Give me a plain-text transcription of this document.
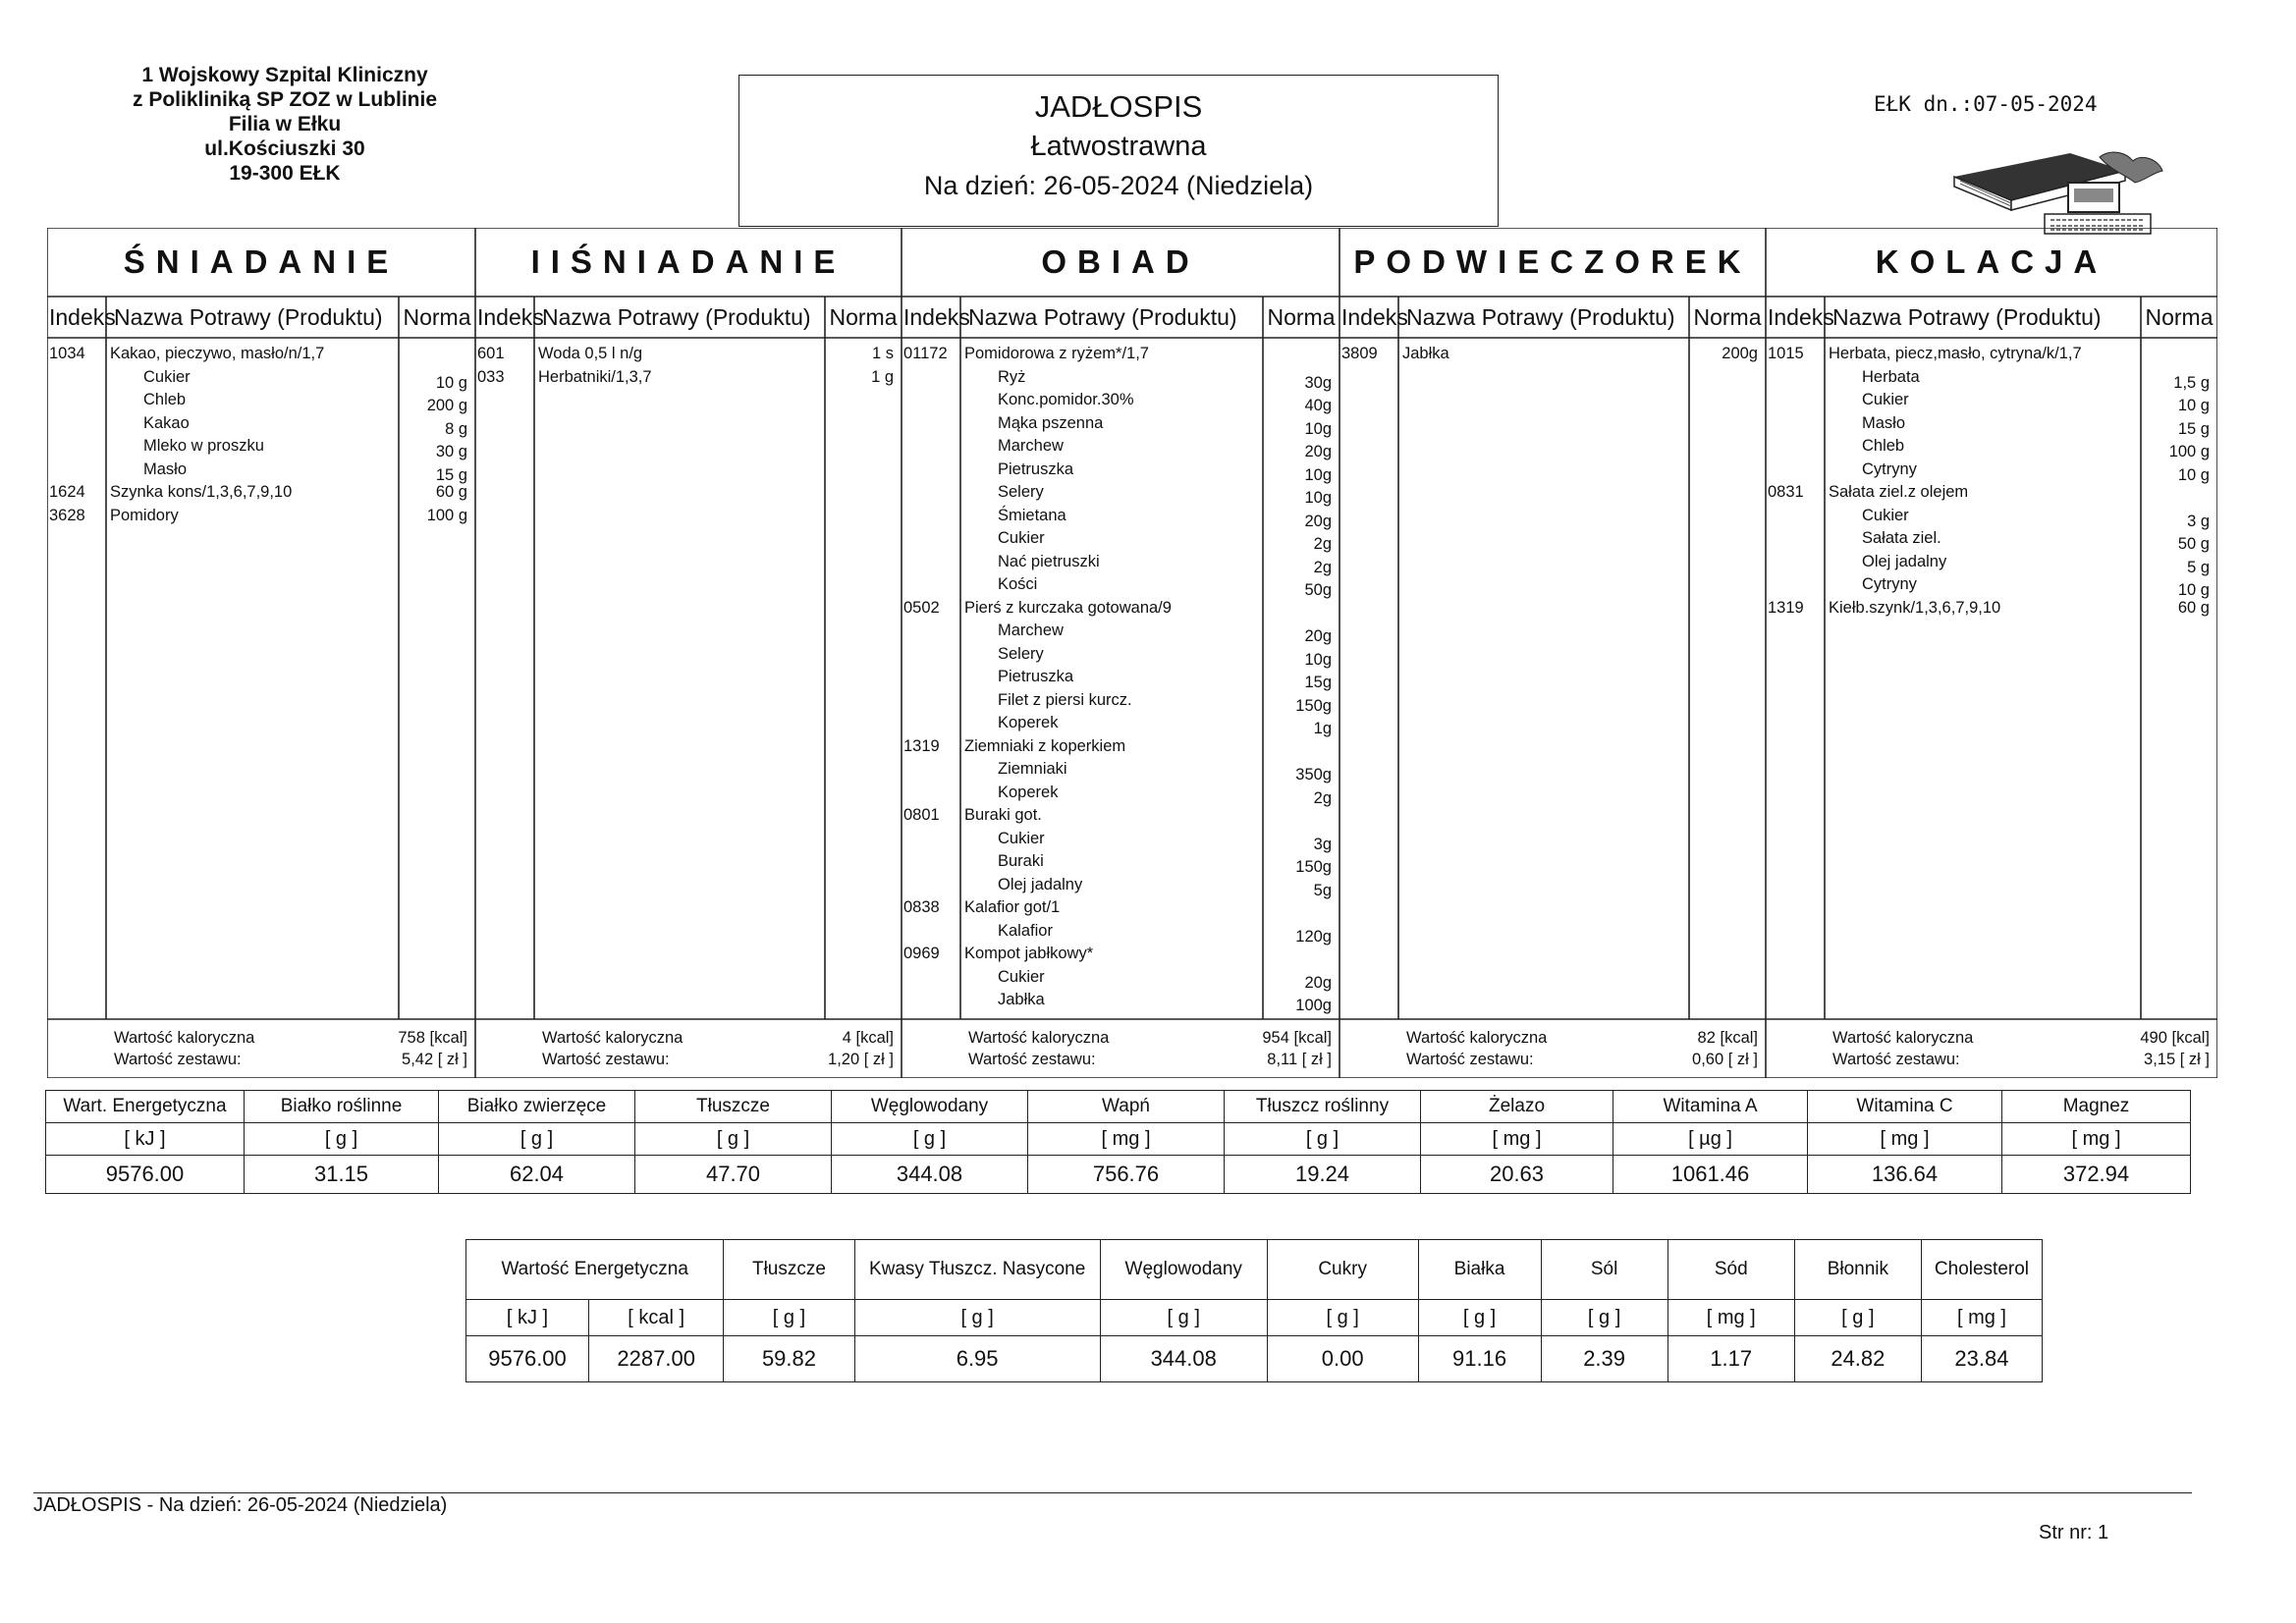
1 Wojskowy Szpital Kliniczny
z Polikliniką SP ZOZ w Lublinie
Filia w Ełku
ul.Kościuszki 30
19-300 EŁK
JADŁOSPIS
Łatwostrawna
Na dzień: 26-05-2024 (Niedziela)
EŁK dn.:07-05-2024
ŚNIADANIE
Indeks
Nazwa Potrawy (Produktu) Norma
1034 Kakao, pieczywo, masło/n/1,7
Cukier	10 g
Chleb	200 g
Kakao	8 g
Mleko w proszku	30 g
Masło	15 g
1624 Szynka kons/1,3,6,7,9,10	60 g
3628 Pomidory	100 g
Wartość kaloryczna
Wartość zestawu:
758 [kcal]
5,42 [ zł ]
IIŚNIADANIE
Indeks
Nazwa Potrawy (Produktu) Norma
601 Woda 0,5 l n/g	1 s
033 Herbatniki/1,3,7	1 g
Wartość kaloryczna
Wartość zestawu:
4 [kcal]
1,20 [ zł ]
OBIAD
Indeks
Nazwa Potrawy (Produktu) Norma
01172 Pomidorowa z ryżem*/1,7
Ryż	30g
Konc.pomidor.30%	40g
Mąka pszenna	10g
Marchew	20g
Pietruszka	10g
Selery	10g
Śmietana	20g
Cukier	2g
Nać pietruszki	2g
Kości	50g
0502 Pierś z kurczaka gotowana/9
Marchew	20g
Selery	10g
Pietruszka	15g
Filet z piersi kurcz.	150g
Koperek	1g
1319 Ziemniaki z koperkiem
Ziemniaki	350g
Koperek	2g
0801 Buraki got.
Cukier	3g
Buraki	150g
Olej jadalny	5g
0838 Kalafior got/1
Kalafior	120g
0969 Kompot jabłkowy*
Cukier	20g
Jabłka	100g
Wartość kaloryczna
Wartość zestawu:
954 [kcal]
8,11 [ zł ]
PODWIECZOREK
Indeks
Nazwa Potrawy (Produktu) Norma
3809 Jabłka	200g
Wartość kaloryczna
Wartość zestawu:
82 [kcal]
0,60 [ zł ]
KOLACJA
Indeks
Nazwa Potrawy (Produktu) Norma
1015 Herbata, piecz,masło, cytryna/k/1,7
Herbata	1,5 g
Cukier	10 g
Masło	15 g
Chleb	100 g
Cytryny	10 g
0831 Sałata ziel.z olejem
Cukier	3 g
Sałata ziel.	50 g
Olej jadalny	5 g
Cytryny	10 g
1319 Kiełb.szynk/1,3,6,7,9,10	60 g
Wartość kaloryczna
Wartość zestawu:
490 [kcal]
3,15 [ zł ]
Wart. Energetyczna	Białko roślinne	Białko zwierzęce	Tłuszcze	Węglowodany	Wapń	Tłuszcz roślinny	Żelazo	Witamina A	Witamina C	Magnez
[ kJ ]	[ g ]	[ g ]	[ g ]	[ g ]	[ mg ]	[ g ]	[ mg ]	[ µg ]	[ mg ]	[ mg ]
9576.00	31.15	62.04	47.70	344.08	756.76	19.24	20.63	1061.46	136.64	372.94
Wartość Energetyczna		Tłuszcze	Kwasy Tłuszcz. Nasycone	Węglowodany	Cukry	Białka	Sól	Sód	Błonnik	Cholesterol
[ kJ ]	[ kcal ]	[ g ]	[ g ]	[ g ]	[ g ]	[ g ]	[ g ]	[ mg ]	[ g ]	[ mg ]
9576.00	2287.00	59.82	6.95	344.08	0.00	91.16	2.39	1.17	24.82	23.84
JADŁOSPIS - Na dzień: 26-05-2024 (Niedziela)
Str nr: 1
